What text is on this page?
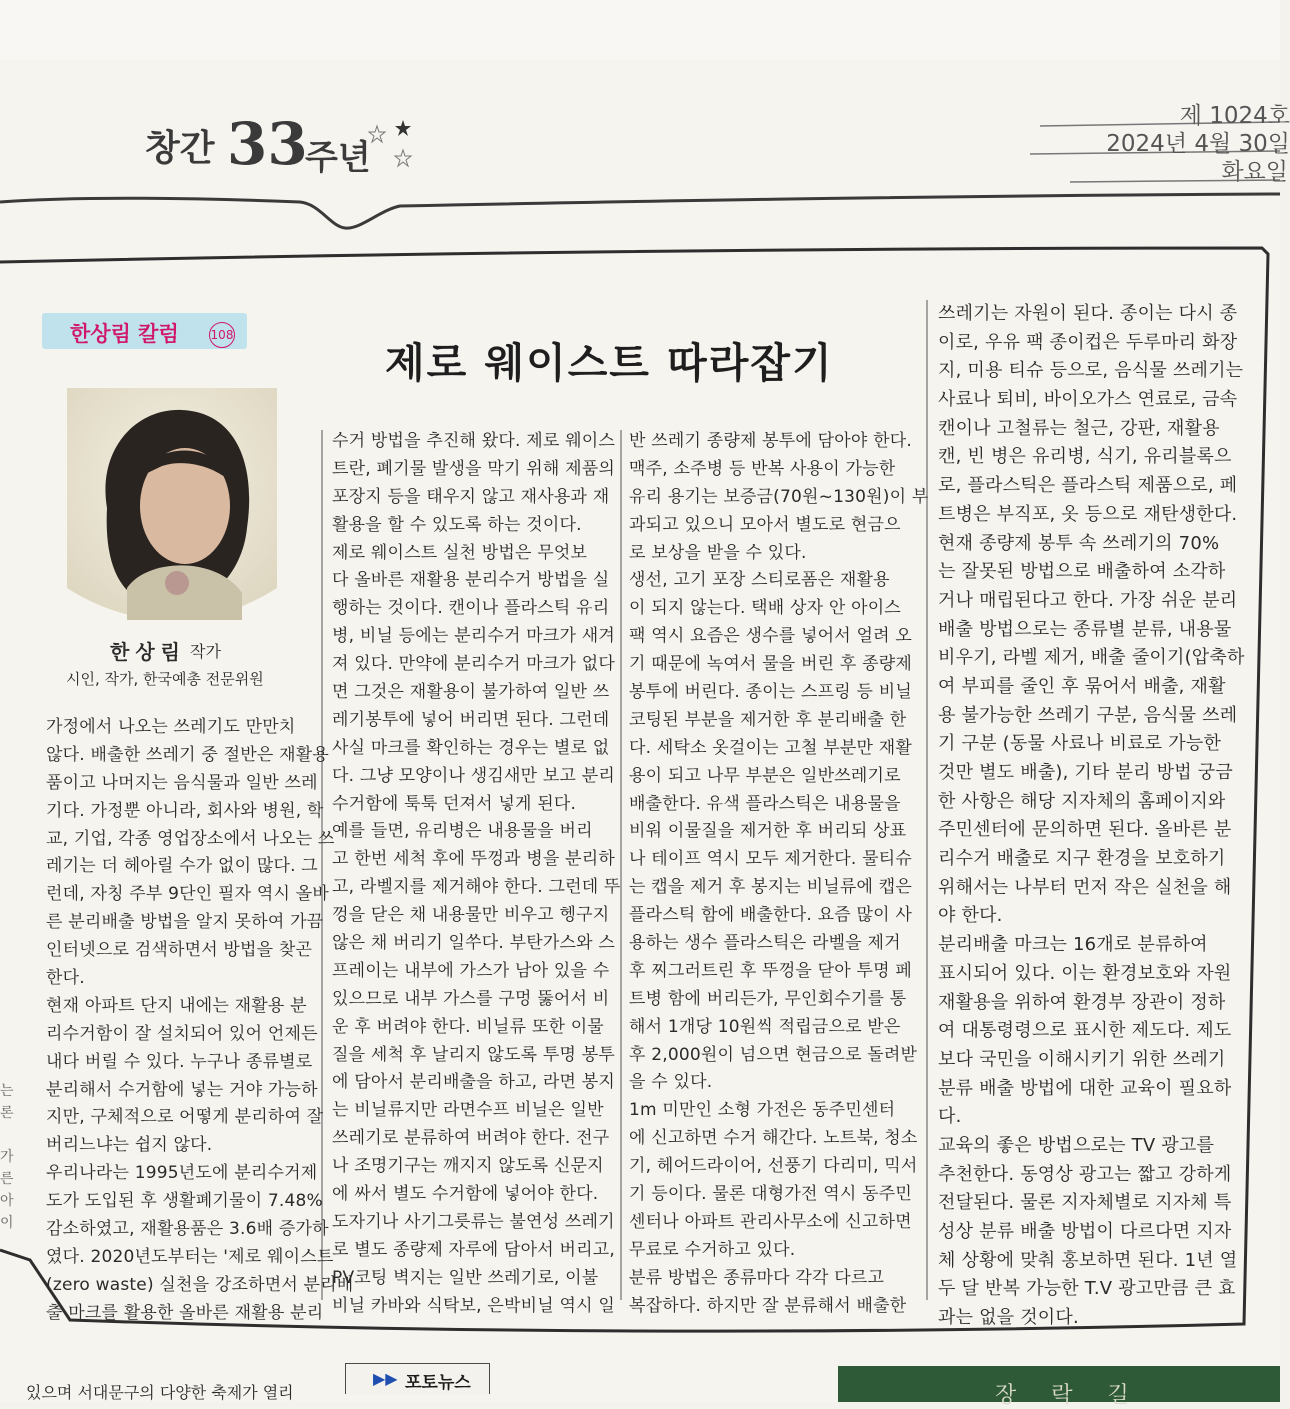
창간 33
주년
제 1024호
2024년 4월 30일
화요일
한상림 칼럼	108
제로 웨이스트 따라잡기
한상림 작가
시인, 작가, 한국예총 전문위원
가정에서 나오는 쓰레기도 만만치
않다. 배출한 쓰레기 중 절반은 재활용
품이고 나머지는 음식물과 일반 쓰레
기다. 가정뿐 아니라, 회사와 병원, 학
교, 기업, 각종 영업장소에서 나오는 쓰
레기는 더 헤아릴 수가 없이 많다. 그
런데, 자칭 주부 9단인 필자 역시 올바
른 분리배출 방법을 알지 못하여 가끔
인터넷으로 검색하면서 방법을 찾곤
한다.
현재 아파트 단지 내에는 재활용 분
리수거함이 잘 설치되어 있어 언제든
내다 버릴 수 있다. 누구나 종류별로
분리해서 수거함에 넣는 거야 가능하
지만, 구체적으로 어떻게 분리하여 잘
버리느냐는 쉽지 않다.
우리나라는 1995년도에 분리수거제
도가 도입된 후 생활폐기물이 7.48%
감소하였고, 재활용품은 3.6배 증가하
였다. 2020년도부터는 '제로 웨이스트
(zero waste) 실천을 강조하면서 분리배
출 마크를 활용한 올바른 재활용 분리
수거 방법을 추진해 왔다. 제로 웨이스
트란, 폐기물 발생을 막기 위해 제품의
포장지 등을 태우지 않고 재사용과 재
활용을 할 수 있도록 하는 것이다.
제로 웨이스트 실천 방법은 무엇보
다 올바른 재활용 분리수거 방법을 실
행하는 것이다. 캔이나 플라스틱 유리
병, 비닐 등에는 분리수거 마크가 새겨
져 있다. 만약에 분리수거 마크가 없다
면 그것은 재활용이 불가하여 일반 쓰
레기봉투에 넣어 버리면 된다. 그런데
사실 마크를 확인하는 경우는 별로 없
다. 그냥 모양이나 생김새만 보고 분리
수거함에 툭툭 던져서 넣게 된다.
예를 들면, 유리병은 내용물을 버리
고 한번 세척 후에 뚜껑과 병을 분리하
고, 라벨지를 제거해야 한다. 그런데 뚜
껑을 닫은 채 내용물만 비우고 헹구지
않은 채 버리기 일쑤다. 부탄가스와 스
프레이는 내부에 가스가 남아 있을 수
있으므로 내부 가스를 구멍 뚫어서 비
운 후 버려야 한다. 비닐류 또한 이물
질을 세척 후 날리지 않도록 투명 봉투
에 담아서 분리배출을 하고, 라면 봉지
는 비닐류지만 라면수프 비닐은 일반
쓰레기로 분류하여 버려야 한다. 전구
나 조명기구는 깨지지 않도록 신문지
에 싸서 별도 수거함에 넣어야 한다.
도자기나 사기그릇류는 불연성 쓰레기
로 별도 종량제 자루에 담아서 버리고,
PV코팅 벽지는 일반 쓰레기로, 이불
비닐 카바와 식탁보, 은박비닐 역시 일
반 쓰레기 종량제 봉투에 담아야 한다.
맥주, 소주병 등 반복 사용이 가능한
유리 용기는 보증금(70원~130원)이 부
과되고 있으니 모아서 별도로 현금으
로 보상을 받을 수 있다.
생선, 고기 포장 스티로폼은 재활용
이 되지 않는다. 택배 상자 안 아이스
팩 역시 요즘은 생수를 넣어서 얼려 오
기 때문에 녹여서 물을 버린 후 종량제
봉투에 버린다. 종이는 스프링 등 비닐
코팅된 부분을 제거한 후 분리배출 한
다. 세탁소 옷걸이는 고철 부분만 재활
용이 되고 나무 부분은 일반쓰레기로
배출한다. 유색 플라스틱은 내용물을
비워 이물질을 제거한 후 버리되 상표
나 테이프 역시 모두 제거한다. 물티슈
는 캡을 제거 후 봉지는 비닐류에 캡은
플라스틱 함에 배출한다. 요즘 많이 사
용하는 생수 플라스틱은 라벨을 제거
후 찌그러트린 후 뚜껑을 닫아 투명 페
트병 함에 버리든가, 무인회수기를 통
해서 1개당 10원씩 적립금으로 받은
후 2,000원이 넘으면 현금으로 돌려받
을 수 있다.
1m 미만인 소형 가전은 동주민센터
에 신고하면 수거 해간다. 노트북, 청소
기, 헤어드라이어, 선풍기 다리미, 믹서
기 등이다. 물론 대형가전 역시 동주민
센터나 아파트 관리사무소에 신고하면
무료로 수거하고 있다.
분류 방법은 종류마다 각각 다르고
복잡하다. 하지만 잘 분류해서 배출한
쓰레기는 자원이 된다. 종이는 다시 종
이로, 우유 팩 종이컵은 두루마리 화장
지, 미용 티슈 등으로, 음식물 쓰레기는
사료나 퇴비, 바이오가스 연료로, 금속
캔이나 고철류는 철근, 강판, 재활용
캔, 빈 병은 유리병, 식기, 유리블록으
로, 플라스틱은 플라스틱 제품으로, 페
트병은 부직포, 옷 등으로 재탄생한다.
현재 종량제 봉투 속 쓰레기의 70%
는 잘못된 방법으로 배출하여 소각하
거나 매립된다고 한다. 가장 쉬운 분리
배출 방법으로는 종류별 분류, 내용물
비우기, 라벨 제거, 배출 줄이기(압축하
여 부피를 줄인 후 묶어서 배출, 재활
용 불가능한 쓰레기 구분, 음식물 쓰레
기 구분 (동물 사료나 비료로 가능한
것만 별도 배출), 기타 분리 방법 궁금
한 사항은 해당 지자체의 홈페이지와
주민센터에 문의하면 된다. 올바른 분
리수거 배출로 지구 환경을 보호하기
위해서는 나부터 먼저 작은 실천을 해
야 한다.
분리배출 마크는 16개로 분류하여
표시되어 있다. 이는 환경보호와 자원
재활용을 위하여 환경부 장관이 정하
여 대통령령으로 표시한 제도다. 제도
보다 국민을 이해시키기 위한 쓰레기
분류 배출 방법에 대한 교육이 필요하
다.
교육의 좋은 방법으로는 TV 광고를
추천한다. 동영상 광고는 짧고 강하게
전달된다. 물론 지자체별로 지자체 특
성상 분류 배출 방법이 다르다면 지자
체 상황에 맞춰 홍보하면 된다. 1년 열
두 달 반복 가능한 T.V 광고만큼 큰 효
과는 없을 것이다.
는
론

가
른
아
이
있으며 서대문구의 다양한 축제가 열리
▶▶ 포토뉴스	장 락 길
